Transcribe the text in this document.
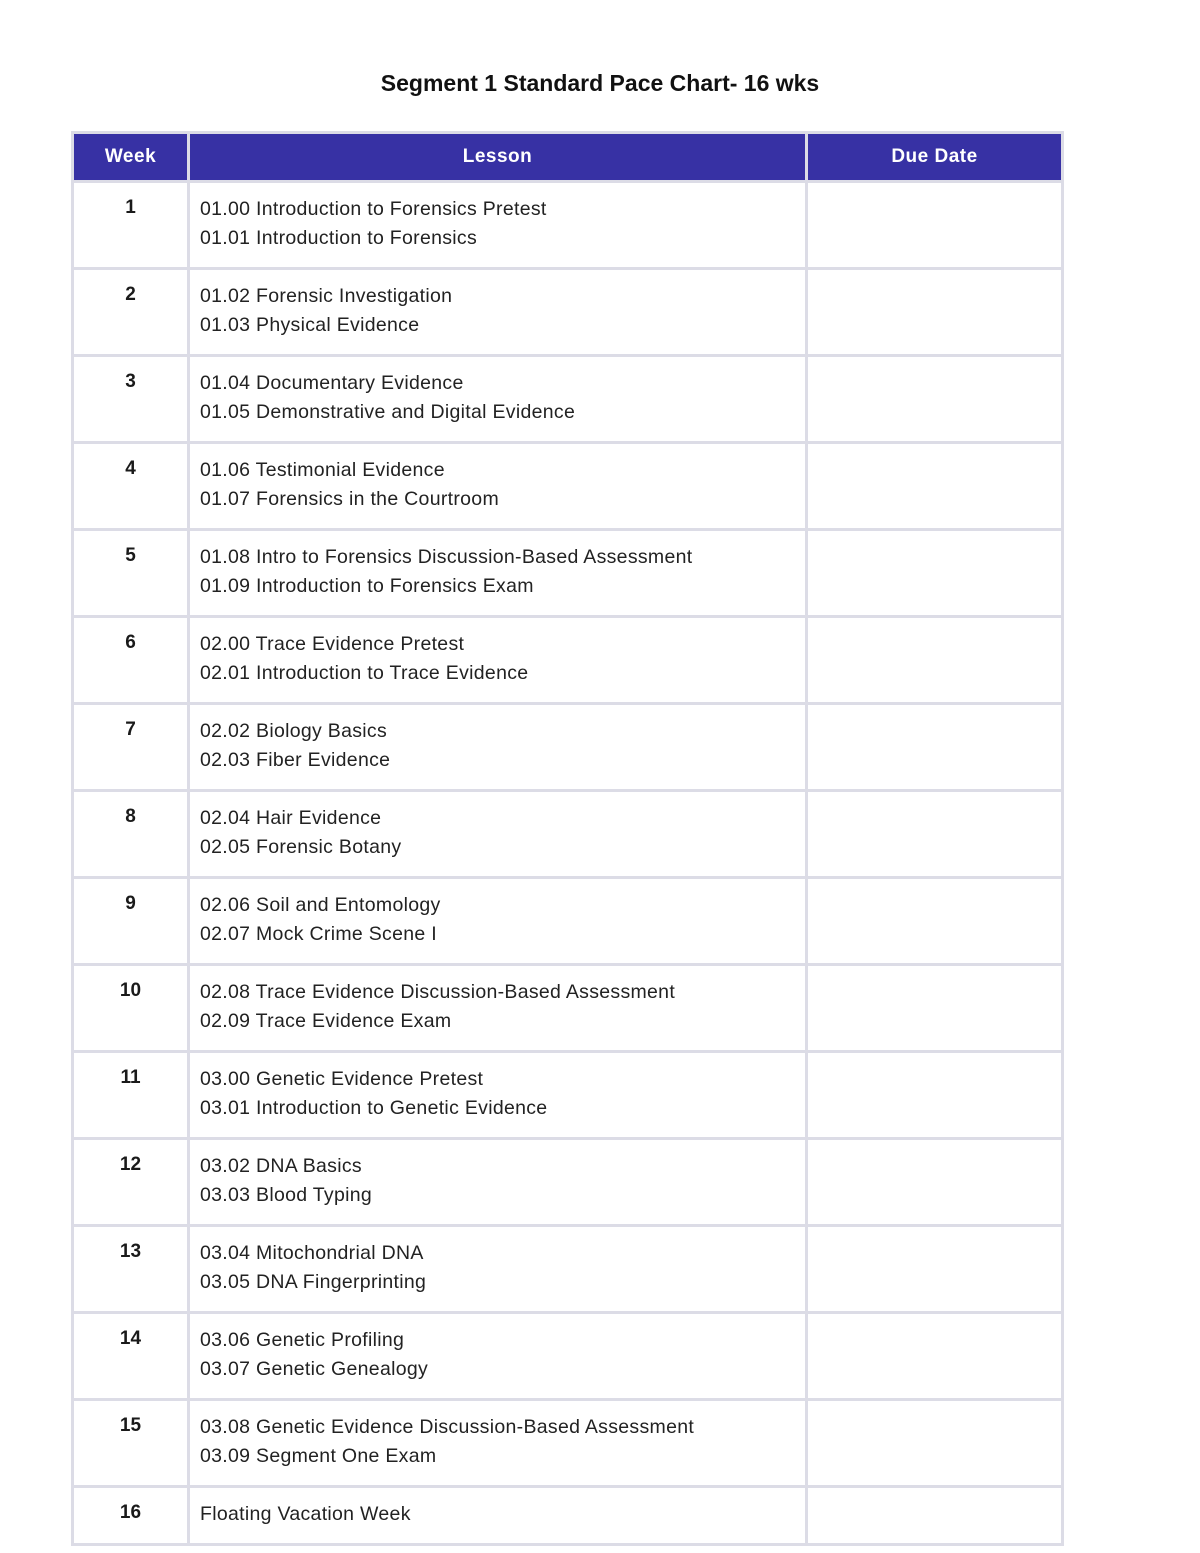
Segment 1 Standard Pace Chart- 16 wks
Week	Lesson	Due Date
1	01.00 Introduction to Forensics Pretest
01.01 Introduction to Forensics	

2	01.02 Forensic Investigation
01.03 Physical Evidence	

3	01.04 Documentary Evidence
01.05 Demonstrative and Digital Evidence	

4	01.06 Testimonial Evidence
01.07 Forensics in the Courtroom	

5	01.08 Intro to Forensics Discussion-Based Assessment
01.09 Introduction to Forensics Exam	

6	02.00 Trace Evidence Pretest
02.01 Introduction to Trace Evidence	

7	02.02 Biology Basics
02.03 Fiber Evidence	

8	02.04 Hair Evidence
02.05 Forensic Botany	

9	02.06 Soil and Entomology
02.07 Mock Crime Scene I	

10	02.08 Trace Evidence Discussion-Based Assessment
02.09 Trace Evidence Exam	

11	03.00 Genetic Evidence Pretest
03.01 Introduction to Genetic Evidence	

12	03.02 DNA Basics
03.03 Blood Typing	

13	03.04 Mitochondrial DNA
03.05 DNA Fingerprinting	

14	03.06 Genetic Profiling
03.07 Genetic Genealogy	

15	03.08 Genetic Evidence Discussion-Based Assessment
03.09 Segment One Exam	

16	Floating Vacation Week	
